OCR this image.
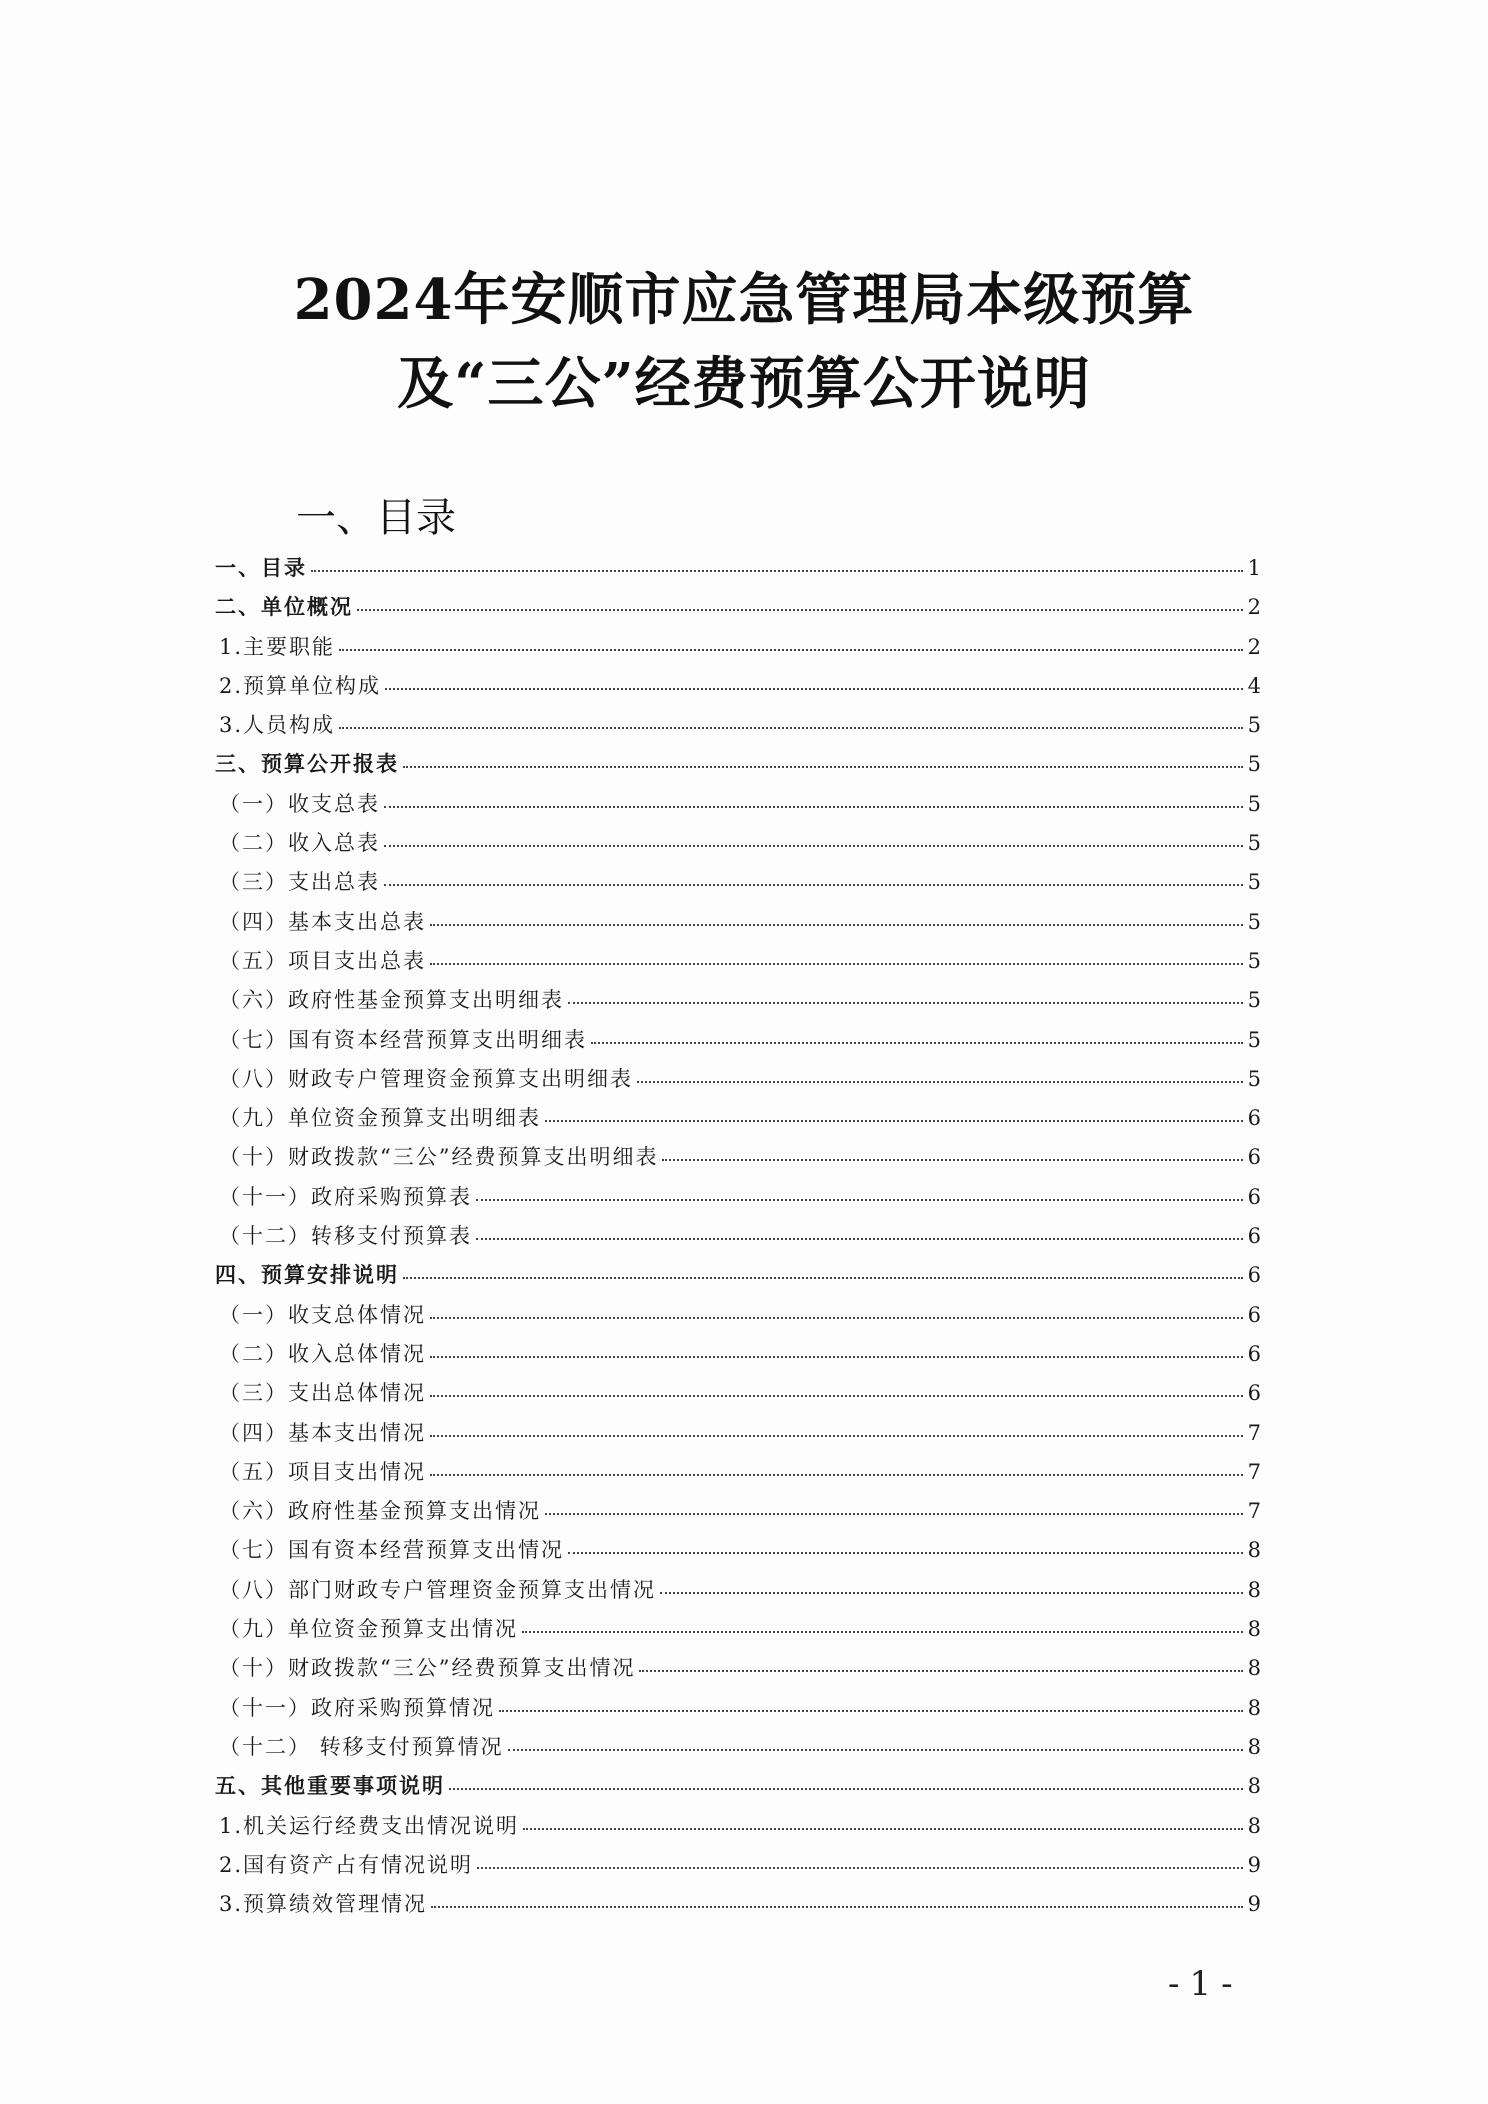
2024年安顺市应急管理局本级预算
及“三公”经费预算公开说明
一、目录
一、目录	1
二、单位概况	2
1.主要职能	2
2.预算单位构成	4
3.人员构成	5
三、预算公开报表	5
（一）收支总表	5
（二）收入总表	5
（三）支出总表	5
（四）基本支出总表	5
（五）项目支出总表	5
（六）政府性基金预算支出明细表	5
（七）国有资本经营预算支出明细表	5
（八）财政专户管理资金预算支出明细表	5
（九）单位资金预算支出明细表	6
（十）财政拨款“三公”经费预算支出明细表	6
（十一）政府采购预算表	6
（十二）转移支付预算表	6
四、预算安排说明	6
（一）收支总体情况	6
（二）收入总体情况	6
（三）支出总体情况	6
（四）基本支出情况	7
（五）项目支出情况	7
（六）政府性基金预算支出情况	7
（七）国有资本经营预算支出情况	8
（八）部门财政专户管理资金预算支出情况	8
（九）单位资金预算支出情况	8
（十）财政拨款“三公”经费预算支出情况	8
（十一）政府采购预算情况	8
（十二） 转移支付预算情况	8
五、其他重要事项说明	8
1.机关运行经费支出情况说明	8
2.国有资产占有情况说明	9
3.预算绩效管理情况	9
-1-
